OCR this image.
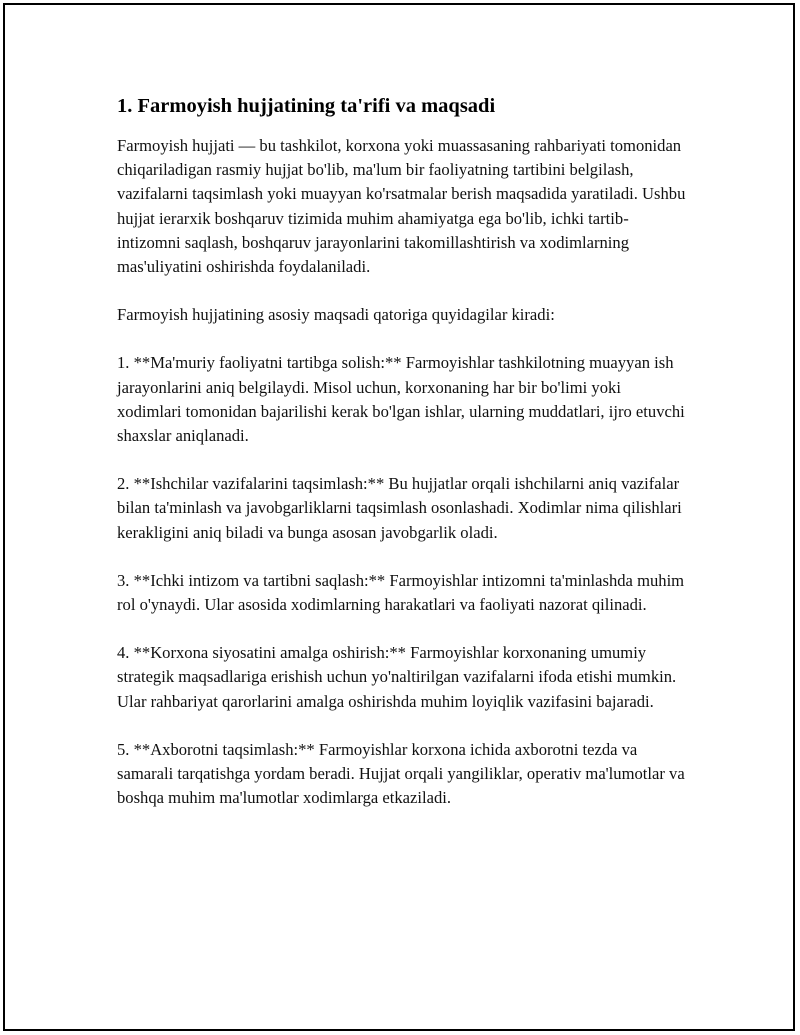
1. Farmoyish hujjatining ta'rifi va maqsadi

Farmoyish hujjati — bu tashkilot, korxona yoki muassasaning rahbariyati tomonidan chiqariladigan rasmiy hujjat bo'lib, ma'lum bir faoliyatning tartibini belgilash, vazifalarni taqsimlash yoki muayyan ko'rsatmalar berish maqsadida yaratiladi. Ushbu hujjat ierarxik boshqaruv tizimida muhim ahamiyatga ega bo'lib, ichki tartib-intizomni saqlash, boshqaruv jarayonlarini takomillashtirish va xodimlarning mas'uliyatini oshirishda foydalaniladi.

Farmoyish hujjatining asosiy maqsadi qatoriga quyidagilar kiradi:

1. **Ma'muriy faoliyatni tartibga solish:** Farmoyishlar tashkilotning muayyan ish jarayonlarini aniq belgilaydi. Misol uchun, korxonaning har bir bo'limi yoki xodimlari tomonidan bajarilishi kerak bo'lgan ishlar, ularning muddatlari, ijro etuvchi shaxslar aniqlanadi.

2. **Ishchilar vazifalarini taqsimlash:** Bu hujjatlar orqali ishchilarni aniq vazifalar bilan ta'minlash va javobgarliklarni taqsimlash osonlashadi. Xodimlar nima qilishlari kerakligini aniq biladi va bunga asosan javobgarlik oladi.

3. **Ichki intizom va tartibni saqlash:** Farmoyishlar intizomni ta'minlashda muhim rol o'ynaydi. Ular asosida xodimlarning harakatlari va faoliyati nazorat qilinadi.

4. **Korxona siyosatini amalga oshirish:** Farmoyishlar korxonaning umumiy strategik maqsadlariga erishish uchun yo'naltirilgan vazifalarni ifoda etishi mumkin. Ular rahbariyat qarorlarini amalga oshirishda muhim loyiqlik vazifasini bajaradi.

5. **Axborotni taqsimlash:** Farmoyishlar korxona ichida axborotni tezda va samarali tarqatishga yordam beradi. Hujjat orqali yangiliklar, operativ ma'lumotlar va boshqa muhim ma'lumotlar xodimlarga etkaziladi.
